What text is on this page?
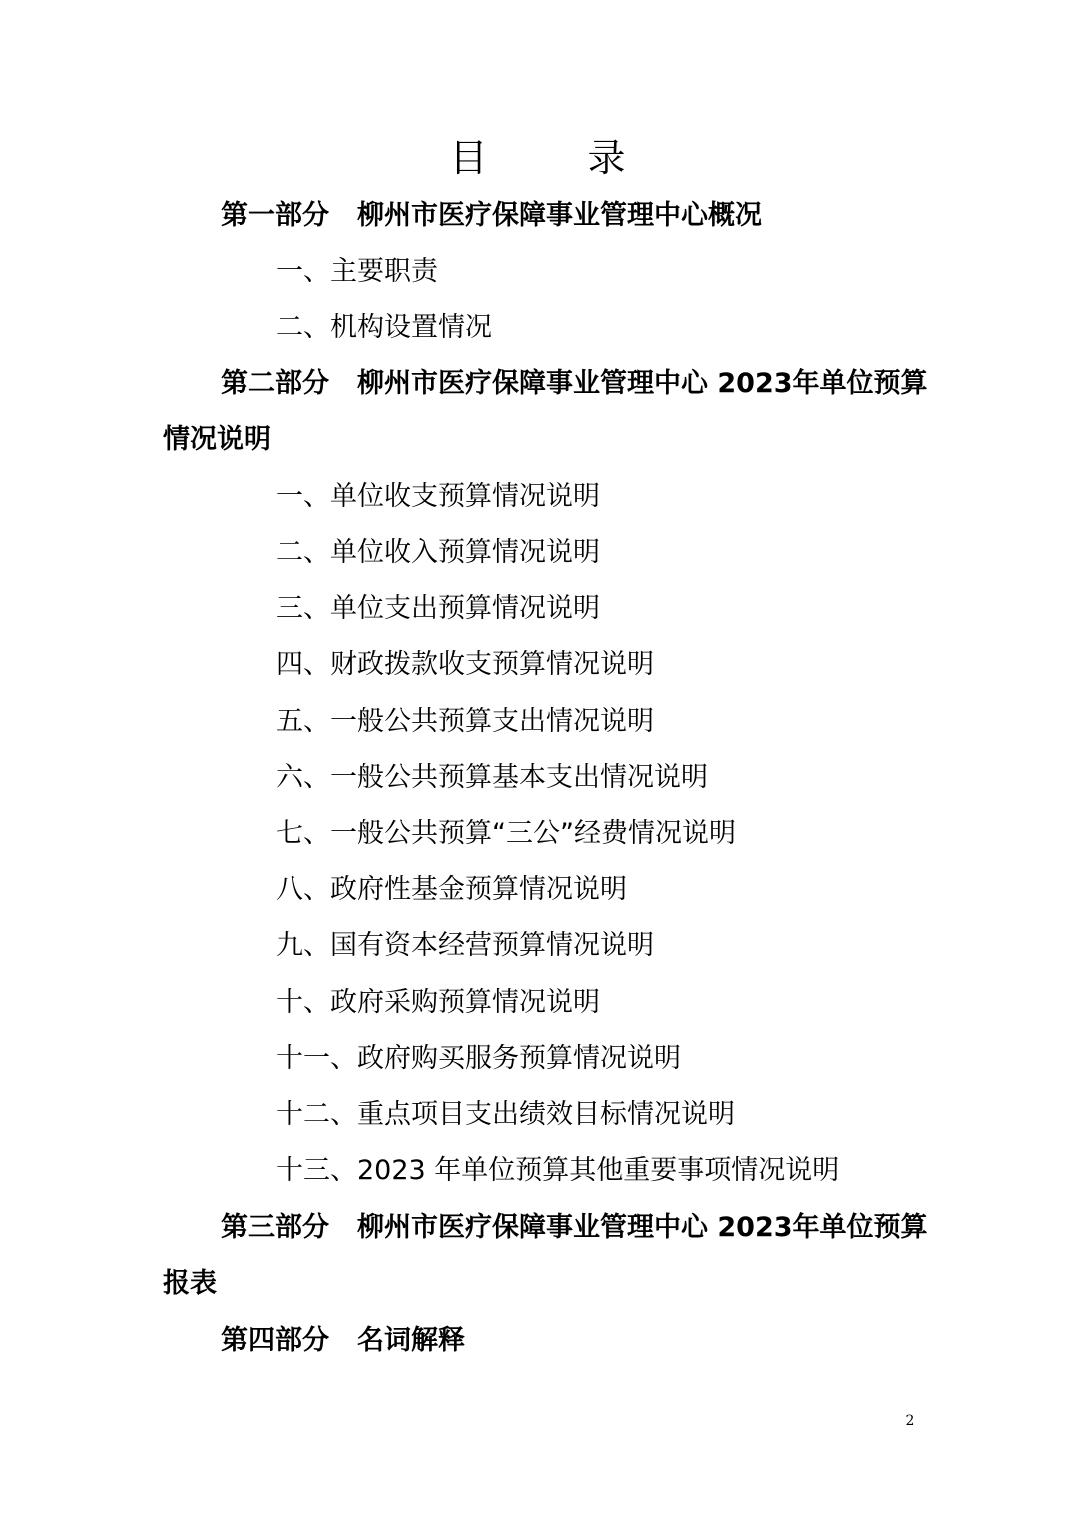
目 录
第一部分 柳州市医疗保障事业管理中心概况
一、主要职责
二、机构设置情况
第二部分 柳州市医疗保障事业管理中心 2023年单位预算情况说明
一、单位收支预算情况说明
二、单位收入预算情况说明
三、单位支出预算情况说明
四、财政拨款收支预算情况说明
五、一般公共预算支出情况说明
六、一般公共预算基本支出情况说明
七、一般公共预算“三公”经费情况说明
八、政府性基金预算情况说明
九、国有资本经营预算情况说明
十、政府采购预算情况说明
十一、政府购买服务预算情况说明
十二、重点项目支出绩效目标情况说明
十三、2023 年单位预算其他重要事项情况说明
第三部分 柳州市医疗保障事业管理中心 2023年单位预算报表
第四部分 名词解释
2
